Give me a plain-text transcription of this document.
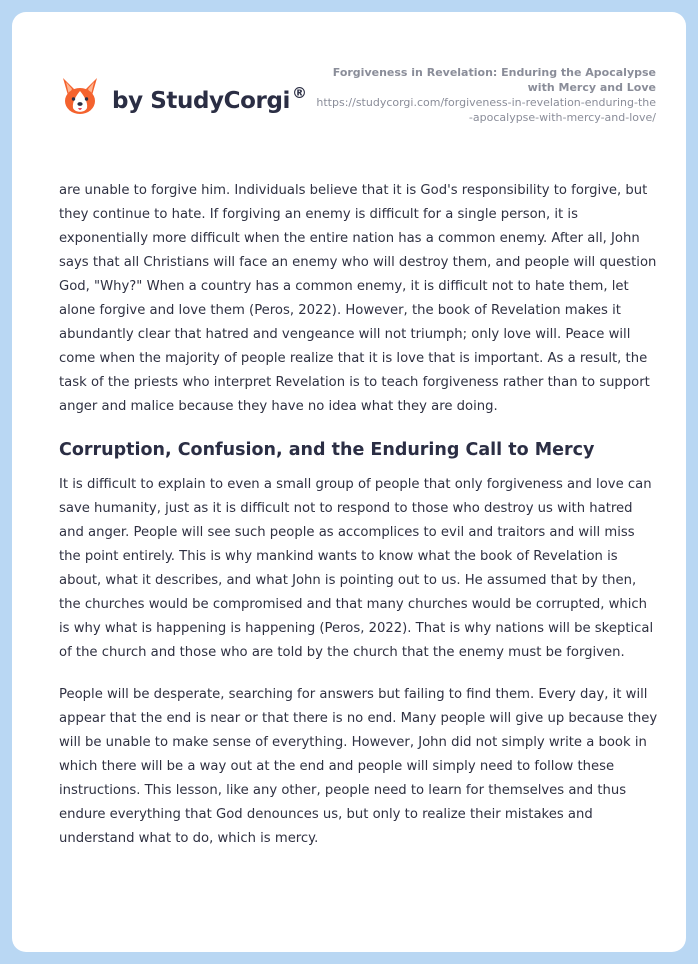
by StudyCorgi ®
Forgiveness in Revelation: Enduring the Apocalypse with Mercy and Love
https://studycorgi.com/forgiveness-in-revelation-enduring-the-apocalypse-with-mercy-and-love/

are unable to forgive him. Individuals believe that it is God's responsibility to forgive, but they continue to hate. If forgiving an enemy is difficult for a single person, it is exponentially more difficult when the entire nation has a common enemy. After all, John says that all Christians will face an enemy who will destroy them, and people will question God, "Why?" When a country has a common enemy, it is difficult not to hate them, let alone forgive and love them (Peros, 2022). However, the book of Revelation makes it abundantly clear that hatred and vengeance will not triumph; only love will. Peace will come when the majority of people realize that it is love that is important. As a result, the task of the priests who interpret Revelation is to teach forgiveness rather than to support anger and malice because they have no idea what they are doing.

Corruption, Confusion, and the Enduring Call to Mercy

It is difficult to explain to even a small group of people that only forgiveness and love can save humanity, just as it is difficult not to respond to those who destroy us with hatred and anger. People will see such people as accomplices to evil and traitors and will miss the point entirely. This is why mankind wants to know what the book of Revelation is about, what it describes, and what John is pointing out to us. He assumed that by then, the churches would be compromised and that many churches would be corrupted, which is why what is happening is happening (Peros, 2022). That is why nations will be skeptical of the church and those who are told by the church that the enemy must be forgiven.

People will be desperate, searching for answers but failing to find them. Every day, it will appear that the end is near or that there is no end. Many people will give up because they will be unable to make sense of everything. However, John did not simply write a book in which there will be a way out at the end and people will simply need to follow these instructions. This lesson, like any other, people need to learn for themselves and thus endure everything that God denounces us, but only to realize their mistakes and understand what to do, which is mercy.
